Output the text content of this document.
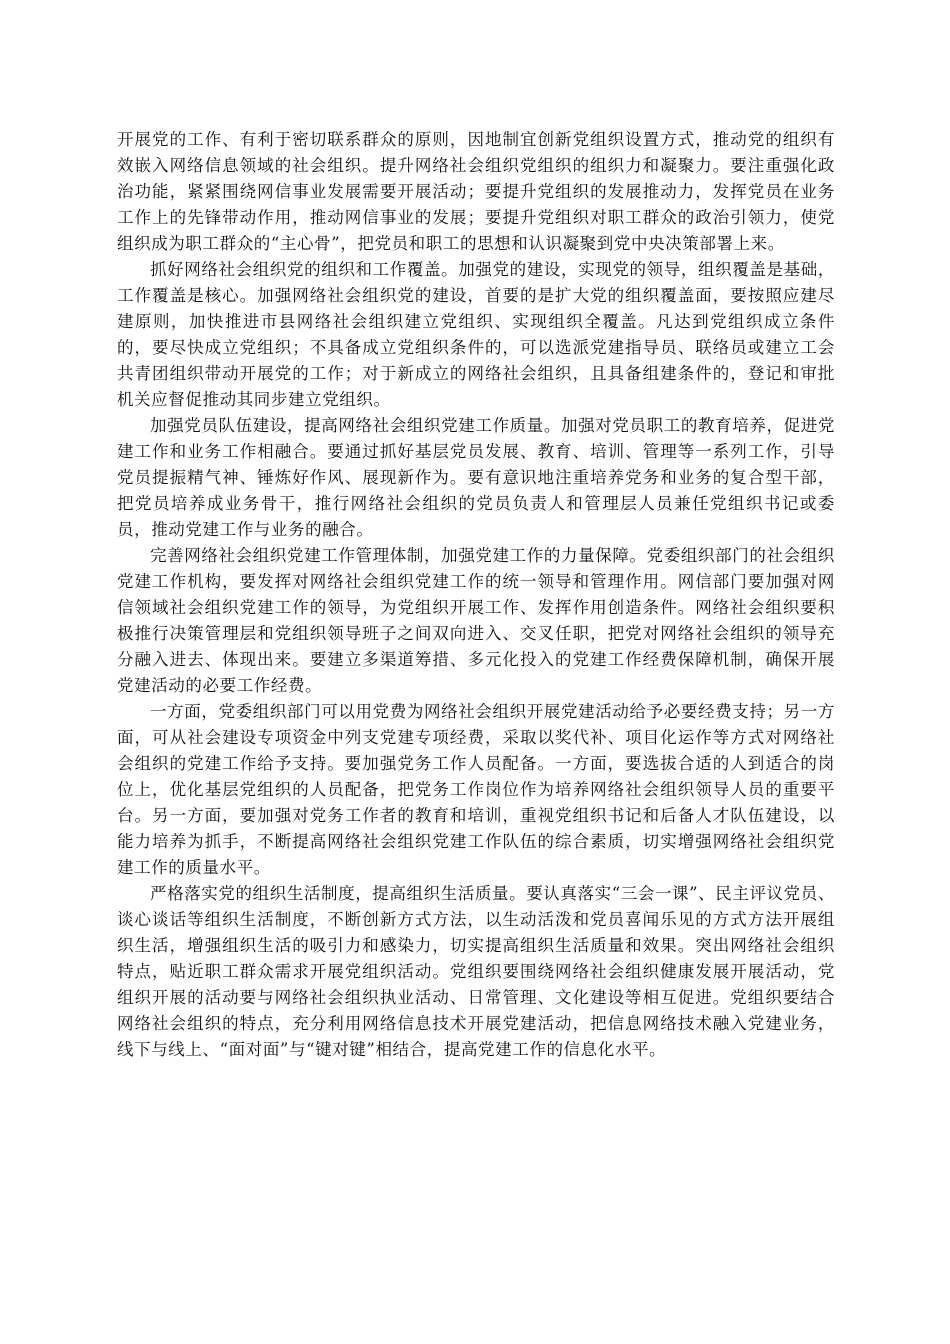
开展党的工作、有利于密切联系群众的原则，因地制宜创新党组织设置方式，推动党的组织有效嵌入网络信息领域的社会组织。提升网络社会组织党组织的组织力和凝聚力。要注重强化政治功能，紧紧围绕网信事业发展需要开展活动；要提升党组织的发展推动力，发挥党员在业务工作上的先锋带动作用，推动网信事业的发展；要提升党组织对职工群众的政治引领力，使党组织成为职工群众的“主心骨”，把党员和职工的思想和认识凝聚到党中央决策部署上来。

抓好网络社会组织党的组织和工作覆盖。加强党的建设，实现党的领导，组织覆盖是基础，工作覆盖是核心。加强网络社会组织党的建设，首要的是扩大党的组织覆盖面，要按照应建尽建原则，加快推进市县网络社会组织建立党组织、实现组织全覆盖。凡达到党组织成立条件的，要尽快成立党组织；不具备成立党组织条件的，可以选派党建指导员、联络员或建立工会共青团组织带动开展党的工作；对于新成立的网络社会组织，且具备组建条件的，登记和审批机关应督促推动其同步建立党组织。

加强党员队伍建设，提高网络社会组织党建工作质量。加强对党员职工的教育培养，促进党建工作和业务工作相融合。要通过抓好基层党员发展、教育、培训、管理等一系列工作，引导党员提振精气神、锤炼好作风、展现新作为。要有意识地注重培养党务和业务的复合型干部，把党员培养成业务骨干，推行网络社会组织的党员负责人和管理层人员兼任党组织书记或委员，推动党建工作与业务的融合。

完善网络社会组织党建工作管理体制，加强党建工作的力量保障。党委组织部门的社会组织党建工作机构，要发挥对网络社会组织党建工作的统一领导和管理作用。网信部门要加强对网信领域社会组织党建工作的领导，为党组织开展工作、发挥作用创造条件。网络社会组织要积极推行决策管理层和党组织领导班子之间双向进入、交叉任职，把党对网络社会组织的领导充分融入进去、体现出来。要建立多渠道筹措、多元化投入的党建工作经费保障机制，确保开展党建活动的必要工作经费。

一方面，党委组织部门可以用党费为网络社会组织开展党建活动给予必要经费支持；另一方面，可从社会建设专项资金中列支党建专项经费，采取以奖代补、项目化运作等方式对网络社会组织的党建工作给予支持。要加强党务工作人员配备。一方面，要选拔合适的人到适合的岗位上，优化基层党组织的人员配备，把党务工作岗位作为培养网络社会组织领导人员的重要平台。另一方面，要加强对党务工作者的教育和培训，重视党组织书记和后备人才队伍建设，以能力培养为抓手，不断提高网络社会组织党建工作队伍的综合素质，切实增强网络社会组织党建工作的质量水平。

严格落实党的组织生活制度，提高组织生活质量。要认真落实“三会一课”、民主评议党员、谈心谈话等组织生活制度，不断创新方式方法，以生动活泼和党员喜闻乐见的方式方法开展组织生活，增强组织生活的吸引力和感染力，切实提高组织生活质量和效果。突出网络社会组织特点，贴近职工群众需求开展党组织活动。党组织要围绕网络社会组织健康发展开展活动，党组织开展的活动要与网络社会组织执业活动、日常管理、文化建设等相互促进。党组织要结合网络社会组织的特点，充分利用网络信息技术开展党建活动，把信息网络技术融入党建业务，线下与线上、“面对面”与“键对键”相结合，提高党建工作的信息化水平。
